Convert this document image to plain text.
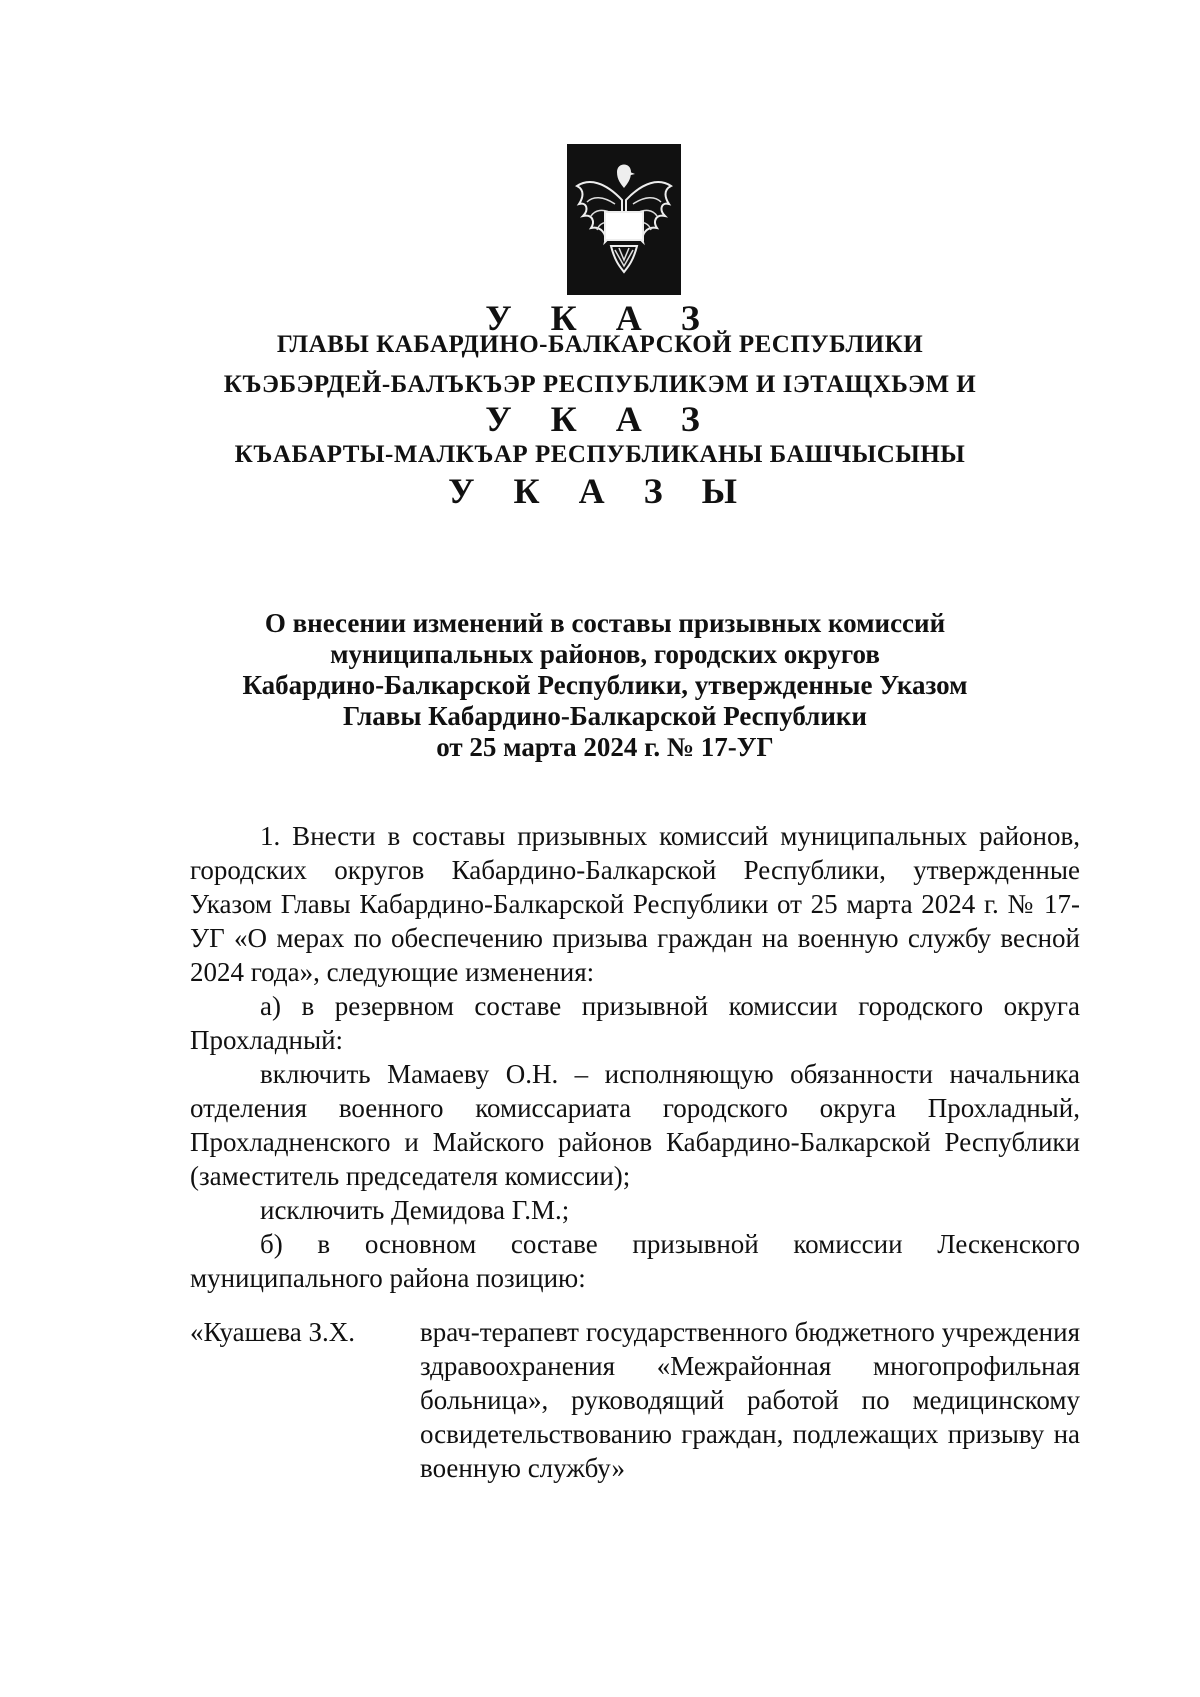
У К А З
ГЛАВЫ КАБАРДИНО-БАЛКАРСКОЙ РЕСПУБЛИКИ
КЪЭБЭРДЕЙ-БАЛЪКЪЭР РЕСПУБЛИКЭМ И IЭТАЩХЬЭМ И
У К А З
КЪАБАРТЫ-МАЛКЪАР РЕСПУБЛИКАНЫ БАШЧЫСЫНЫ
У К А З Ы
О внесении изменений в составы призывных комиссий
муниципальных районов, городских округов
Кабардино-Балкарской Республики, утвержденные Указом
Главы Кабардино-Балкарской Республики
от 25 марта 2024 г. № 17-УГ

1. Внести в составы призывных комиссий муниципальных районов, городских округов Кабардино-Балкарской Республики, утвержденные Указом Главы Кабардино-Балкарской Республики от 25 марта 2024 г. № 17-УГ «О мерах по обеспечению призыва граждан на военную службу весной 2024 года», следующие изменения:

а) в резервном составе призывной комиссии городского округа Прохладный:

включить Мамаеву О.Н. – исполняющую обязанности начальника отделения военного комиссариата городского округа Прохладный, Прохладненского и Майского районов Кабардино-Балкарской Республики (заместитель председателя комиссии);

исключить Демидова Г.М.;

б) в основном составе призывной комиссии Лескенского муниципального района позицию:

«Куашева З.Х.	врач-терапевт государственного бюджетного учреждения здравоохранения «Межрайонная многопрофильная больница», руководящий работой по медицинскому освидетельствованию граждан, подлежащих призыву на военную службу»
